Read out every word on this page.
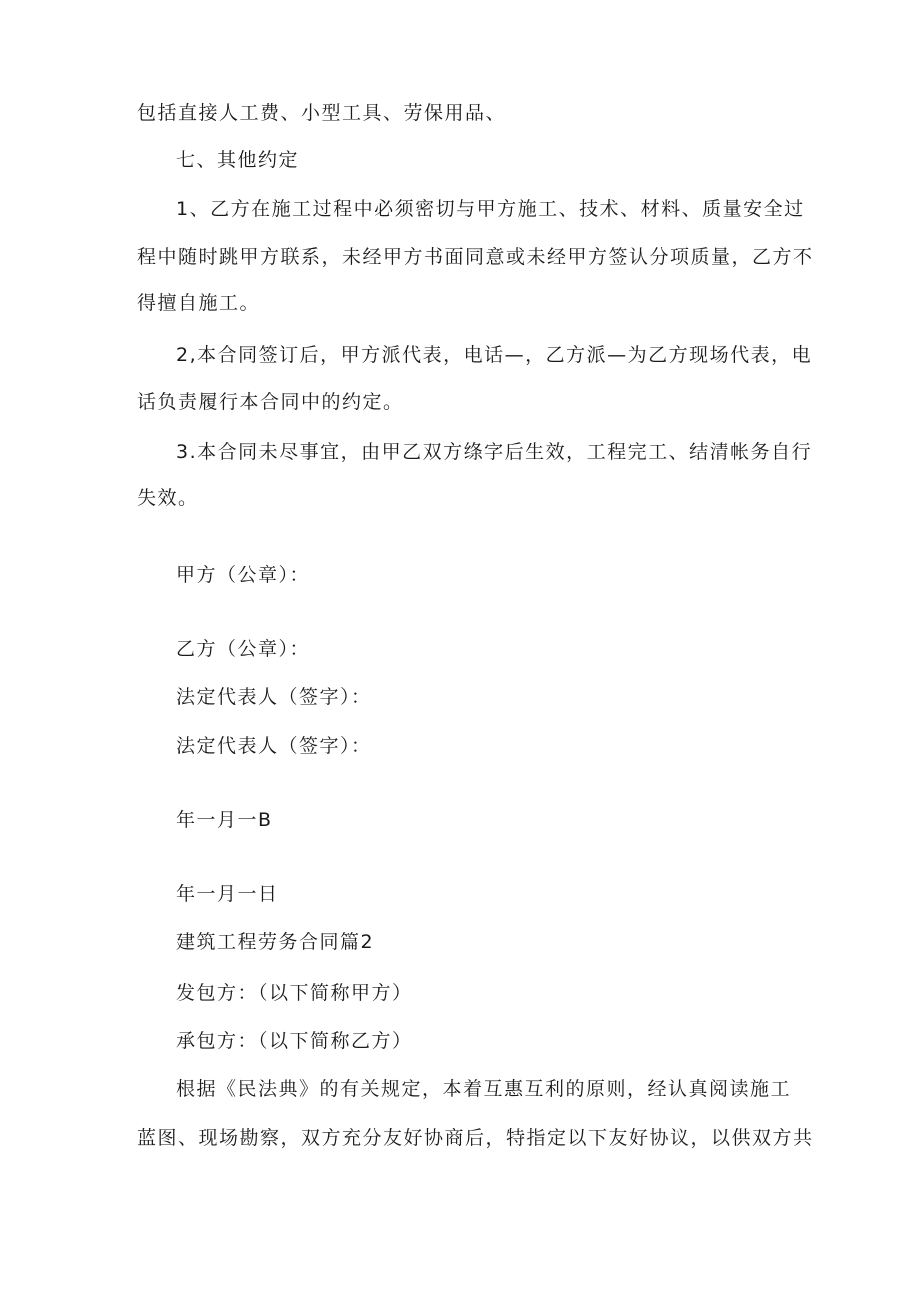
包括直接人工费、小型工具、劳保用品、
七、其他约定
1、乙方在施工过程中必须密切与甲方施工、技术、材料、质量安全过
程中随时跳甲方联系，未经甲方书面同意或未经甲方签认分项质量，乙方不
得擅自施工。
2,本合同签订后，甲方派代表，电话—，乙方派—为乙方现场代表，电
话负责履行本合同中的约定。
3.本合同未尽事宜，由甲乙双方绦字后生效，工程完工、结清帐务自行
失效。
甲方（公章）：
乙方（公章）：
法定代表人（签字）：
法定代表人（签字）：
年一月一B
年一月一日
建筑工程劳务合同篇2
发包方：（以下简称甲方）
承包方：（以下简称乙方）
根据《民法典》的有关规定，本着互惠互利的原则，经认真阅读施工
蓝图、现场勘察，双方充分友好协商后，特指定以下友好协议，以供双方共
